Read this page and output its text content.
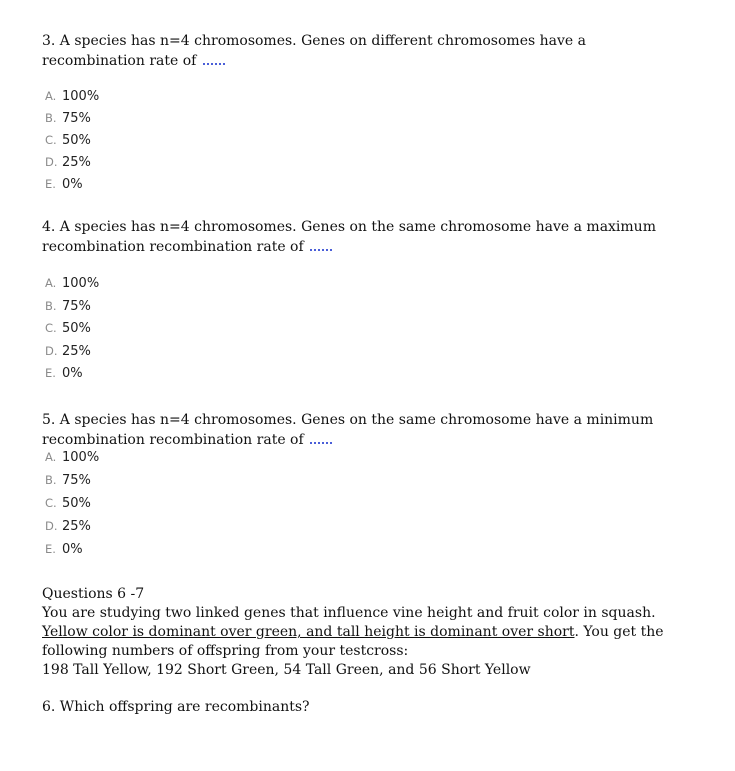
3. A species has n=4 chromosomes. Genes on different chromosomes have a recombination rate of
A. 100%
B. 75%
C. 50%
D. 25%
E. 0%
4. A species has n=4 chromosomes. Genes on the same chromosome have a maximum recombination recombination rate of
A. 100%
B. 75%
C. 50%
D. 25%
E. 0%
5. A species has n=4 chromosomes. Genes on the same chromosome have a minimum recombination recombination rate of
A. 100%
B. 75%
C. 50%
D. 25%
E. 0%
Questions 6 -7
You are studying two linked genes that influence vine height and fruit color in squash.
Yellow color is dominant over green, and tall height is dominant over short. You get the
following numbers of offspring from your testcross:
198 Tall Yellow, 192 Short Green, 54 Tall Green, and 56 Short Yellow
6. Which offspring are recombinants?
